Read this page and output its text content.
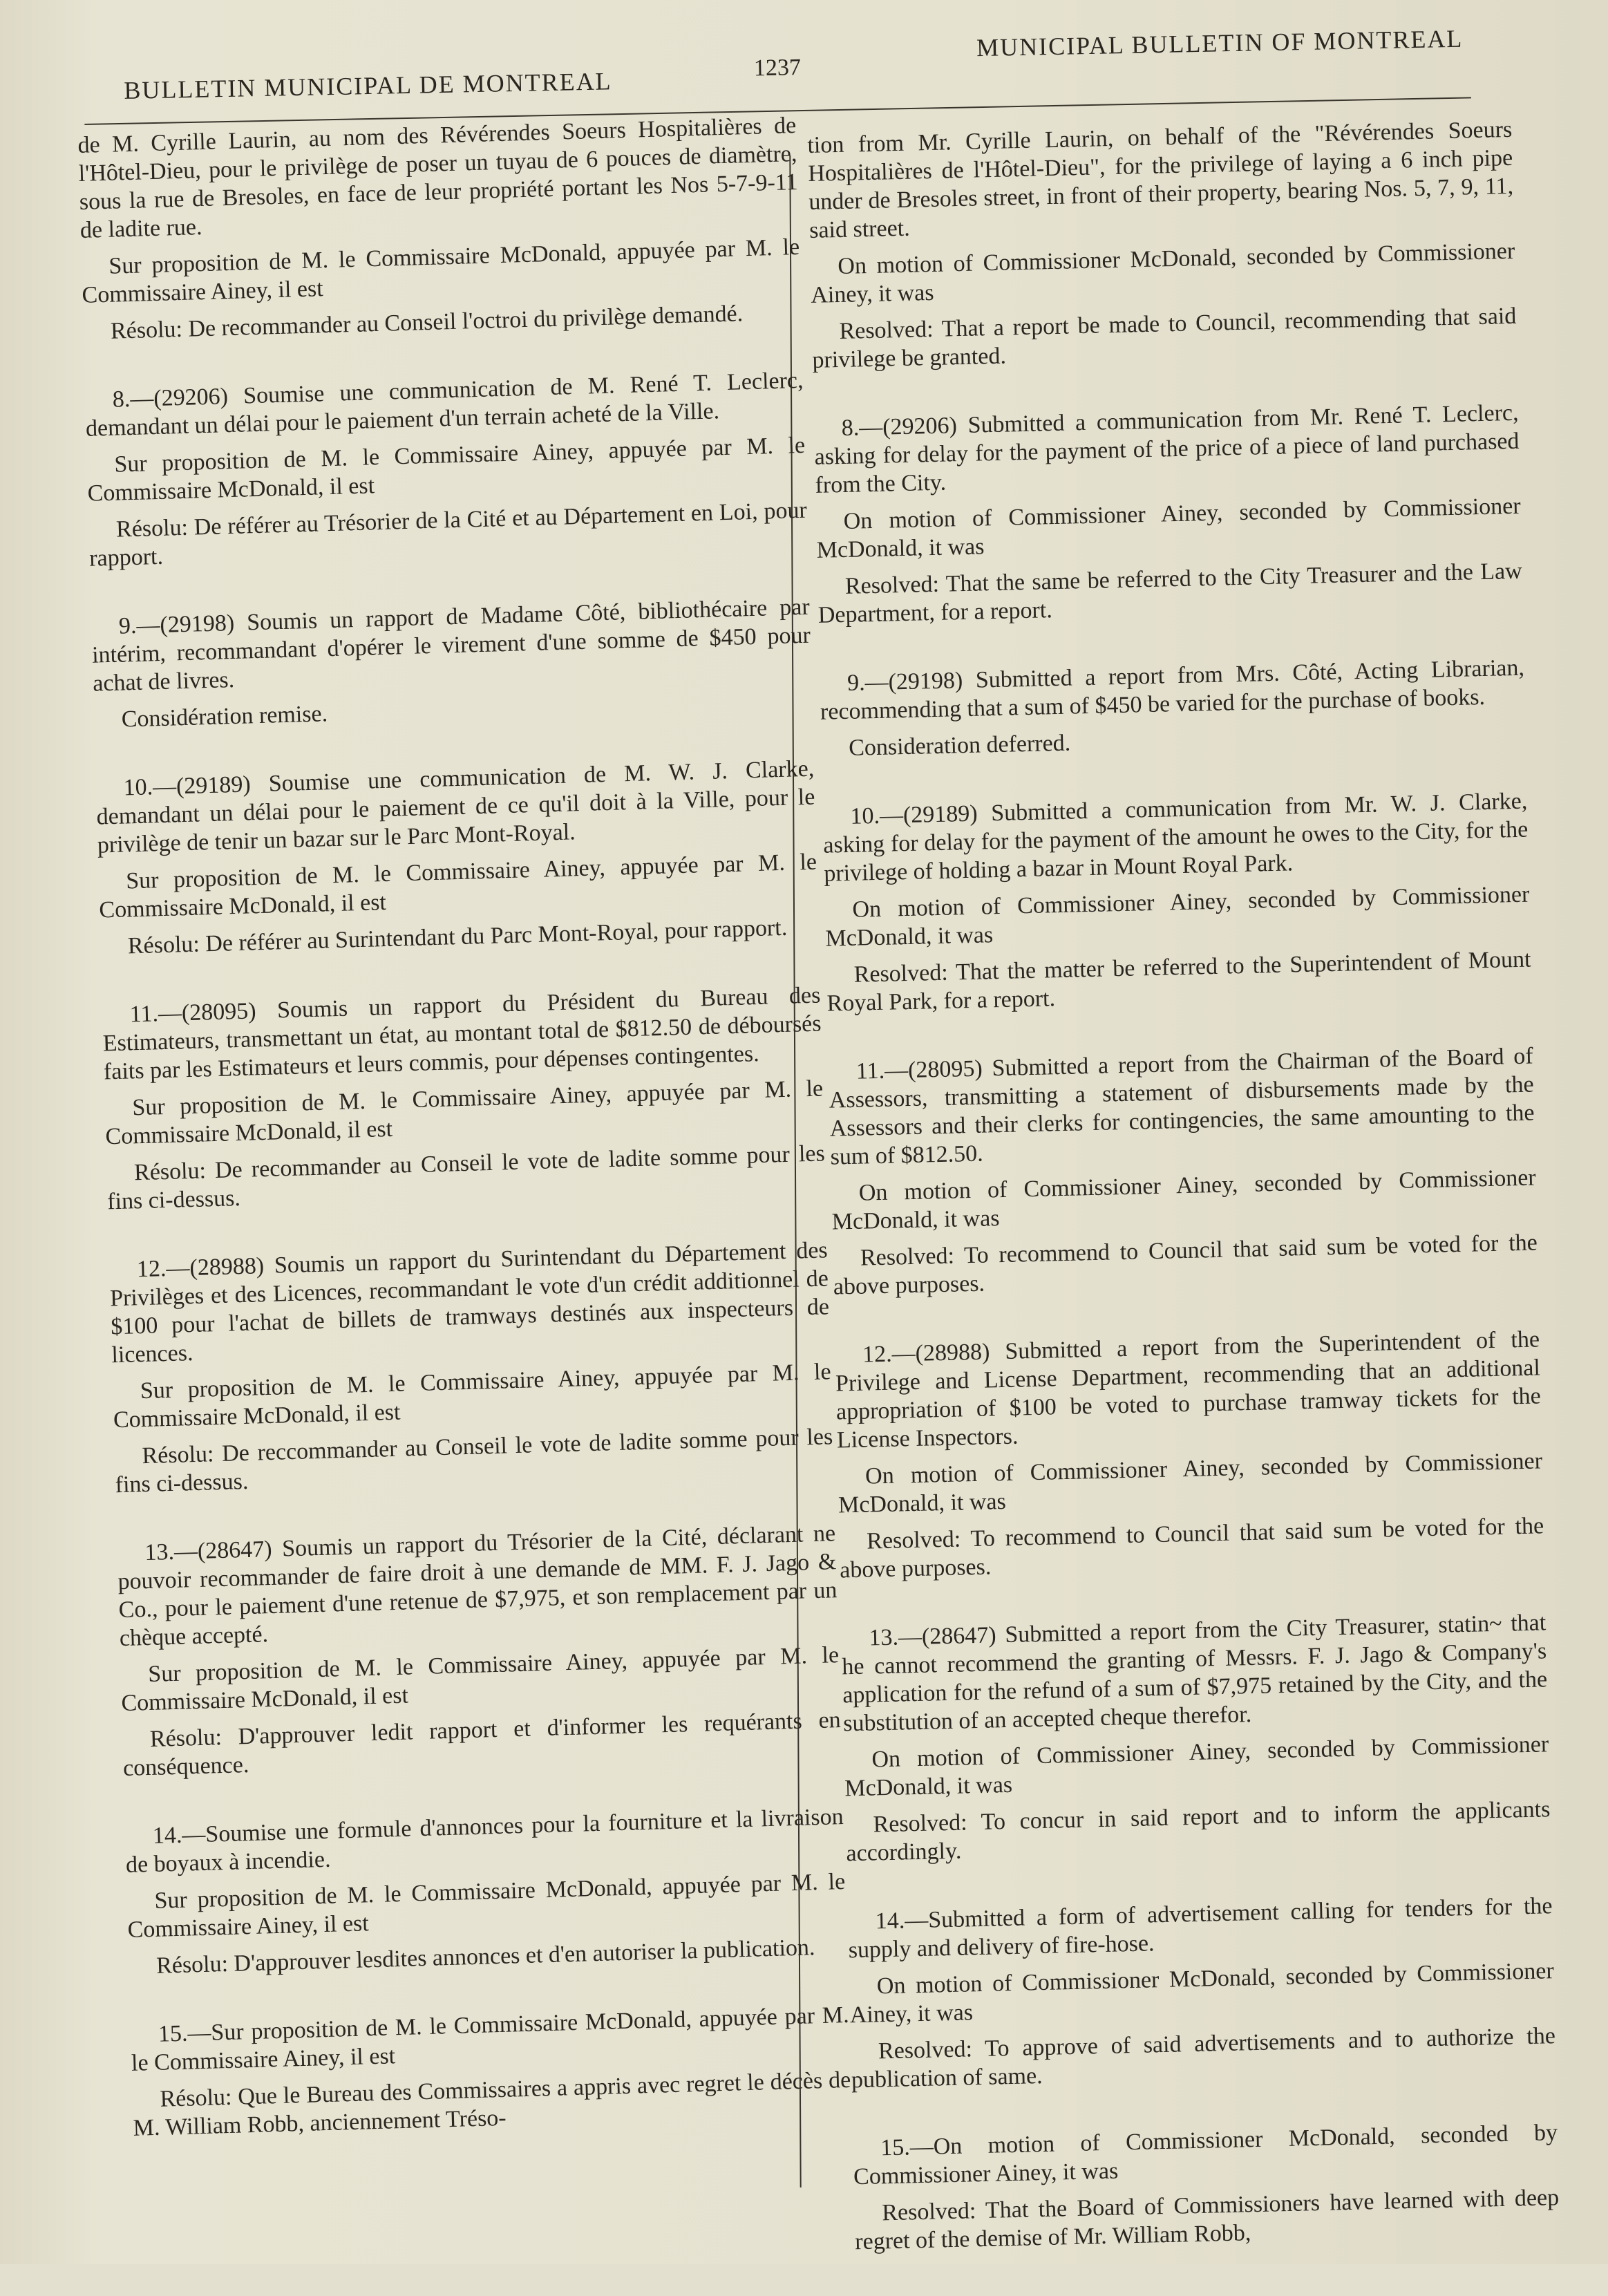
BULLETIN MUNICIPAL DE MONTREAL	1237
MUNICIPAL BULLETIN OF MONTREAL

de M. Cyrille Laurin, au nom des Révérendes Soeurs Hospitalières de l'Hôtel-Dieu, pour le privilège de poser un tuyau de 6 pouces de diamètre, sous la rue de Bresoles, en face de leur propriété portant les Nos 5-7-9-11 de ladite rue.

Sur proposition de M. le Commissaire McDonald, appuyée par M. le Commissaire Ainey, il est

Résolu: De recommander au Conseil l'octroi du privilège demandé.

8.—(29206) Soumise une communication de M. René T. Leclerc, demandant un délai pour le paiement d'un terrain acheté de la Ville.

Sur proposition de M. le Commissaire Ainey, appuyée par M. le Commissaire McDonald, il est

Résolu: De référer au Trésorier de la Cité et au Département en Loi, pour rapport.

9.—(29198) Soumis un rapport de Madame Côté, bibliothécaire par intérim, recommandant d'opérer le virement d'une somme de $450 pour achat de livres.

Considération remise.

10.—(29189) Soumise une communication de M. W. J. Clarke, demandant un délai pour le paiement de ce qu'il doit à la Ville, pour le privilège de tenir un bazar sur le Parc Mont-Royal.

Sur proposition de M. le Commissaire Ainey, appuyée par M. le Commissaire McDonald, il est

Résolu: De référer au Surintendant du Parc Mont-Royal, pour rapport.

11.—(28095) Soumis un rapport du Président du Bureau des Estimateurs, transmettant un état, au montant total de $812.50 de déboursés faits par les Estimateurs et leurs commis, pour dépenses contingentes.

Sur proposition de M. le Commissaire Ainey, appuyée par M. le Commissaire McDonald, il est

Résolu: De recommander au Conseil le vote de ladite somme pour les fins ci-dessus.

12.—(28988) Soumis un rapport du Surintendant du Département des Privilèges et des Licences, recommandant le vote d'un crédit additionnel de $100 pour l'achat de billets de tramways destinés aux inspecteurs de licences.

Sur proposition de M. le Commissaire Ainey, appuyée par M. le Commissaire McDonald, il est

Résolu: De reccommander au Conseil le vote de ladite somme pour les fins ci-dessus.

13.—(28647) Soumis un rapport du Trésorier de la Cité, déclarant ne pouvoir recommander de faire droit à une demande de MM. F. J. Jago & Co., pour le paiement d'une retenue de $7,975, et son remplacement par un chèque accepté.

Sur proposition de M. le Commissaire Ainey, appuyée par M. le Commissaire McDonald, il est

Résolu: D'approuver ledit rapport et d'informer les requérants en conséquence.

14.—Soumise une formule d'annonces pour la fourniture et la livraison de boyaux à incendie.

Sur proposition de M. le Commissaire McDonald, appuyée par M. le Commissaire Ainey, il est

Résolu: D'approuver lesdites annonces et d'en autoriser la publication.

15.—Sur proposition de M. le Commissaire McDonald, appuyée par M. le Commissaire Ainey, il est

Résolu: Que le Bureau des Commissaires a appris avec regret le décès de M. William Robb, anciennement Tréso-

tion from Mr. Cyrille Laurin, on behalf of the "Révérendes Soeurs Hospitalières de l'Hôtel-Dieu", for the privilege of laying a 6 inch pipe under de Bresoles street, in front of their property, bearing Nos. 5, 7, 9, 11, said street.

On motion of Commissioner McDonald, seconded by Commissioner Ainey, it was

Resolved: That a report be made to Council, recommending that said privilege be granted.

8.—(29206) Submitted a communication from Mr. René T. Leclerc, asking for delay for the payment of the price of a piece of land purchased from the City.

On motion of Commissioner Ainey, seconded by Commissioner McDonald, it was

Resolved: That the same be referred to the City Treasurer and the Law Department, for a report.

9.—(29198) Submitted a report from Mrs. Côté, Acting Librarian, recommending that a sum of $450 be varied for the purchase of books.

Consideration deferred.

10.—(29189) Submitted a communication from Mr. W. J. Clarke, asking for delay for the payment of the amount he owes to the City, for the privilege of holding a bazar in Mount Royal Park.

On motion of Commissioner Ainey, seconded by Commissioner McDonald, it was

Resolved: That the matter be referred to the Superintendent of Mount Royal Park, for a report.

11.—(28095) Submitted a report from the Chairman of the Board of Assessors, transmitting a statement of disbursements made by the Assessors and their clerks for contingencies, the same amounting to the sum of $812.50.

On motion of Commissioner Ainey, seconded by Commissioner McDonald, it was

Resolved: To recommend to Council that said sum be voted for the above purposes.

12.—(28988) Submitted a report from the Superintendent of the Privilege and License Department, recommending that an additional appropriation of $100 be voted to purchase tramway tickets for the License Inspectors.

On motion of Commissioner Ainey, seconded by Commissioner McDonald, it was

Resolved: To recommend to Council that said sum be voted for the above purposes.

13.—(28647) Submitted a report from the City Treasurer, statin~ that he cannot recommend the granting of Messrs. F. J. Jago & Company's application for the refund of a sum of $7,975 retained by the City, and the substitution of an accepted cheque therefor.

On motion of Commissioner Ainey, seconded by Commissioner McDonald, it was

Resolved: To concur in said report and to inform the applicants accordingly.

14.—Submitted a form of advertisement calling for tenders for the supply and delivery of fire-hose.

On motion of Commissioner McDonald, seconded by Commissioner Ainey, it was

Resolved: To approve of said advertisements and to authorize the publication of same.

15.—On motion of Commissioner McDonald, seconded by Commissioner Ainey, it was

Resolved: That the Board of Commissioners have learned with deep regret of the demise of Mr. William Robb,
